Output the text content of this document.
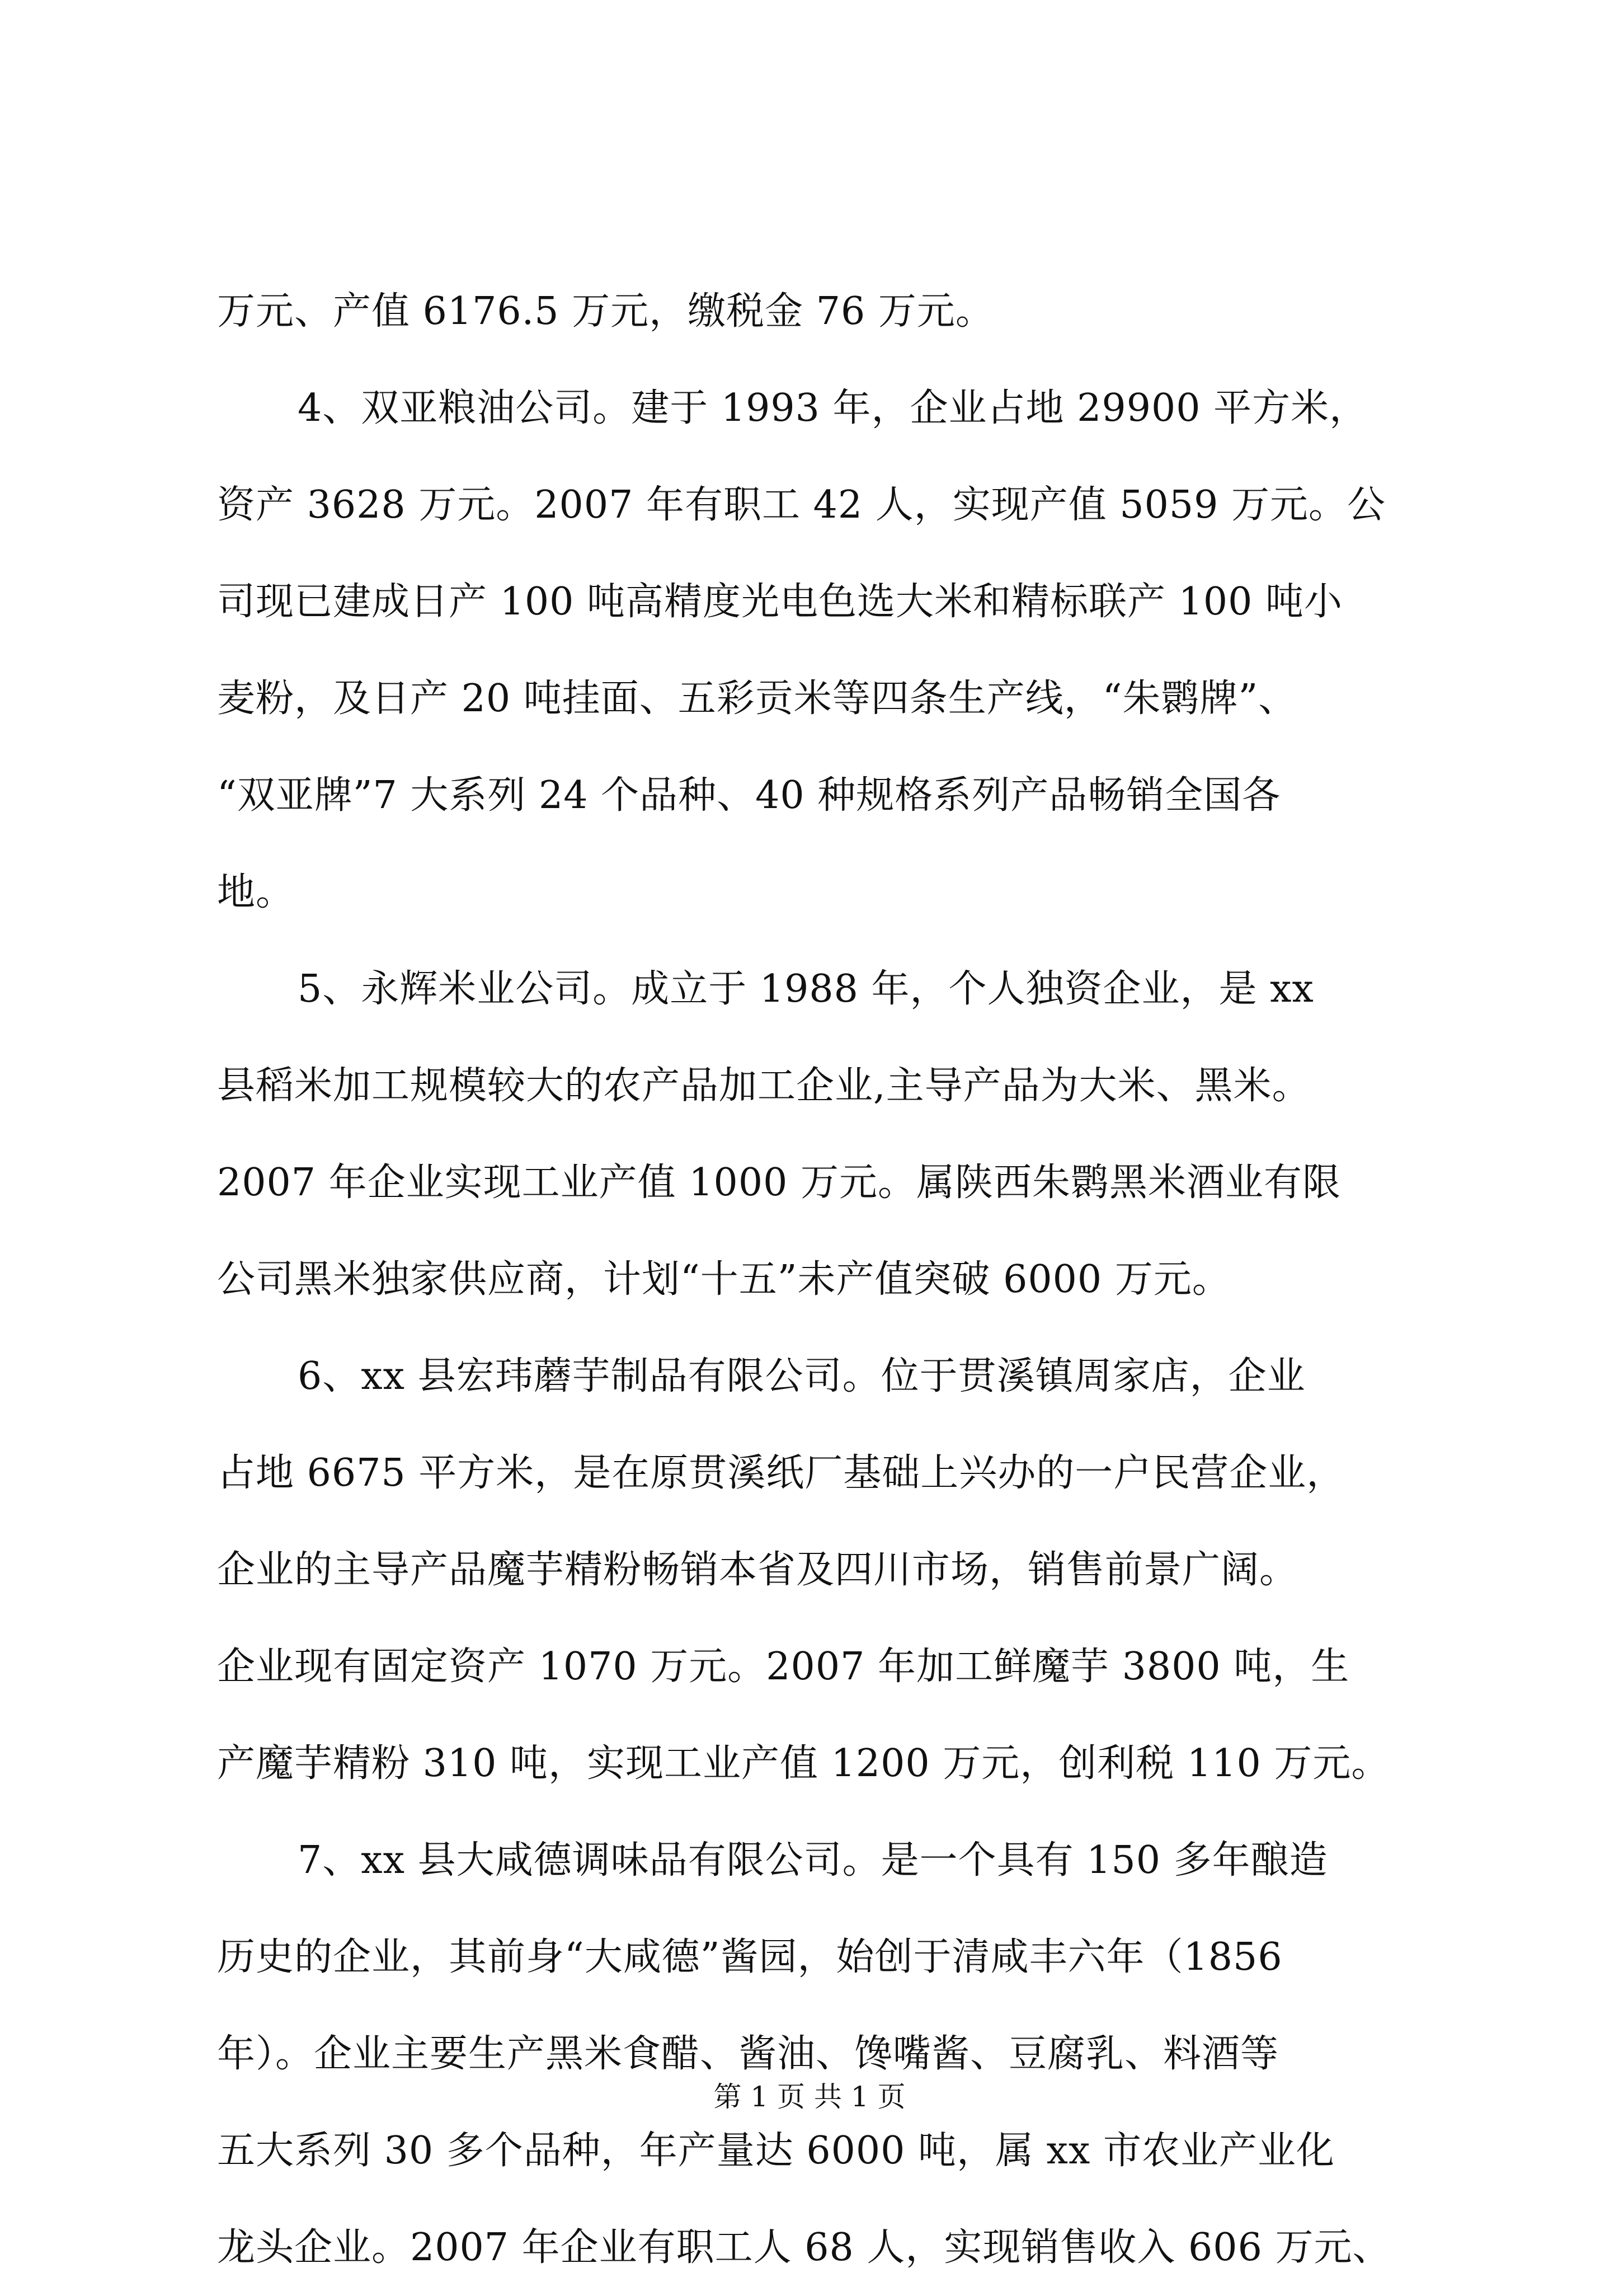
万元、产值 6176.5 万元，缴税金 76 万元。
4、双亚粮油公司。建于 1993 年，企业占地 29900 平方米，
资产 3628 万元。2007 年有职工 42 人，实现产值 5059 万元。公
司现已建成日产 100 吨高精度光电色选大米和精标联产 100 吨小
麦粉，及日产 20 吨挂面、五彩贡米等四条生产线，“朱鹮牌”、
“双亚牌”7 大系列 24 个品种、40 种规格系列产品畅销全国各
地。
5、永辉米业公司。成立于 1988 年，个人独资企业，是 xx
县稻米加工规模较大的农产品加工企业,主导产品为大米、黑米。
2007 年企业实现工业产值 1000 万元。属陕西朱鹮黑米酒业有限
公司黑米独家供应商，计划“十五”未产值突破 6000 万元。
6、xx 县宏玮蘑芋制品有限公司。位于贯溪镇周家店，企业
占地 6675 平方米，是在原贯溪纸厂基础上兴办的一户民营企业，
企业的主导产品魔芋精粉畅销本省及四川市场，销售前景广阔。
企业现有固定资产 1070 万元。2007 年加工鲜魔芋 3800 吨，生
产魔芋精粉 310 吨，实现工业产值 1200 万元，创利税 110 万元。
7、xx 县大咸德调味品有限公司。是一个具有 150 多年酿造
历史的企业，其前身“大咸德”酱园，始创于清咸丰六年（1856
年）。企业主要生产黑米食醋、酱油、馋嘴酱、豆腐乳、料酒等
五大系列 30 多个品种，年产量达 6000 吨，属 xx 市农业产业化
龙头企业。2007 年企业有职工人 68 人，实现销售收入 606 万元、
第 1 页 共 1 页
